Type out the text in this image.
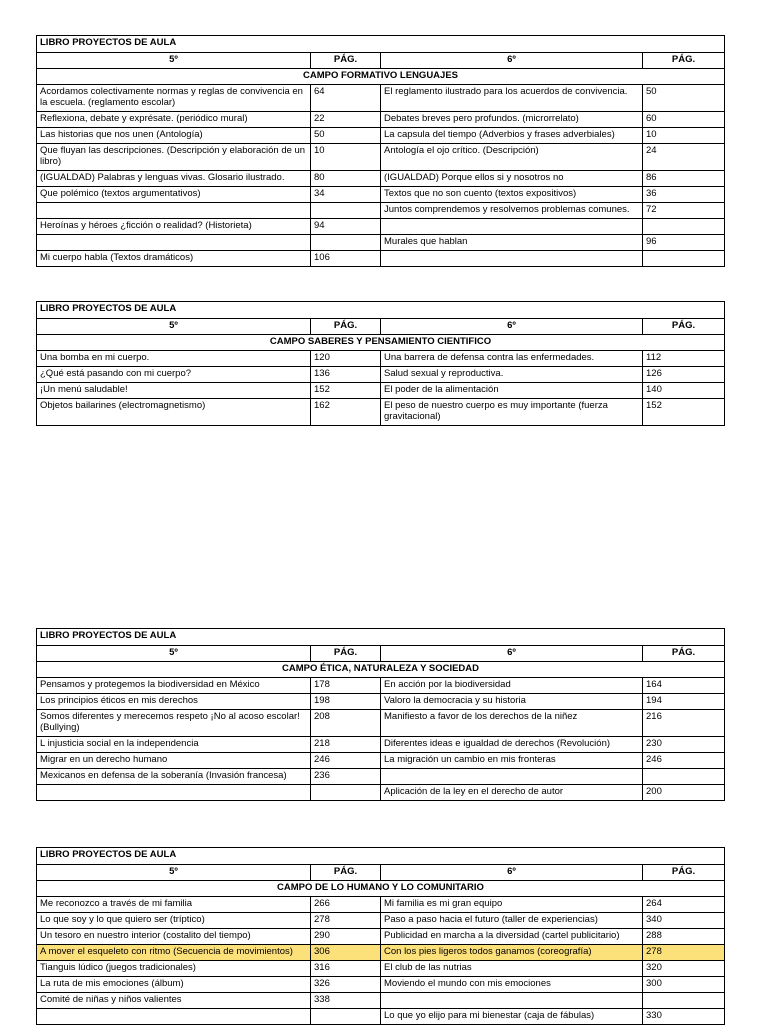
LIBRO PROYECTOS DE AULA			
5º	PÁG.	6º	PÁG.
CAMPO FORMATIVO LENGUAJES			
Acordamos colectivamente normas y reglas de convivencia en la escuela. (reglamento escolar)	64	El reglamento ilustrado para los acuerdos de convivencia.	50
Reflexiona, debate y exprésate. (periódico mural)	22	Debates breves pero profundos. (microrrelato)	60
Las historias que nos unen (Antología)	50	La capsula del tiempo (Adverbios y frases adverbiales)	10
Que fluyan las descripciones. (Descripción y elaboración de un libro)	10	Antología el ojo crítico. (Descripción)	24
(IGUALDAD) Palabras y lenguas vivas. Glosario ilustrado.	80	(IGUALDAD) Porque ellos si y nosotros no	86
Que polémico (textos argumentativos)	34	Textos que no son cuento (textos expositivos)	36
		Juntos comprendemos y resolvemos problemas comunes.	72
Heroínas y héroes ¿ficción o realidad? (Historieta)	94		
		Murales que hablan	96
Mi cuerpo habla (Textos dramáticos)	106		
LIBRO PROYECTOS DE AULA			
5º	PÁG.	6º	PÁG.
CAMPO SABERES Y PENSAMIENTO CIENTIFICO			
Una bomba en mi cuerpo.	120	Una barrera de defensa contra las enfermedades.	112
¿Qué está pasando con mi cuerpo?	136	Salud sexual y reproductiva.	126
¡Un menú saludable!	152	El poder de la alimentación	140
Objetos bailarines (electromagnetismo)	162	El peso de nuestro cuerpo es muy importante (fuerza gravitacional)	152
LIBRO PROYECTOS DE AULA			
5º	PÁG.	6º	PÁG.
CAMPO ÉTICA, NATURALEZA Y SOCIEDAD			
Pensamos y protegemos la biodiversidad en México	178	En acción por la biodiversidad	164
Los principios éticos en mis derechos	198	Valoro la democracia y su historia	194
Somos diferentes y merecemos respeto ¡No al acoso escolar! (Bullying)	208	Manifiesto a favor de los derechos de la niñez	216
L injusticia social en la independencia	218	Diferentes ideas e igualdad de derechos (Revolución)	230
Migrar en un derecho humano	246	La migración un cambio en mis fronteras	246
Mexicanos en defensa de la soberanía (Invasión francesa)	236		
		Aplicación de la ley en el derecho de autor	200
LIBRO PROYECTOS DE AULA			
5º	PÁG.	6º	PÁG.
CAMPO DE LO HUMANO Y LO COMUNITARIO			
Me reconozco a través de mi familia	266	Mi familia es mi gran equipo	264
Lo que soy y lo que quiero ser (tríptico)	278	Paso a paso hacia el futuro (taller de experiencias)	340
Un tesoro en nuestro interior (costalito del tiempo)	290	Publicidad en marcha a la diversidad (cartel publicitario)	288
A mover el esqueleto con ritmo (Secuencia de movimientos)	306	Con los pies ligeros todos ganamos (coreografía)	278
Tianguis lúdico (juegos tradicionales)	316	El club de las nutrias	320
La ruta de mis emociones (álbum)	326	Moviendo el mundo con mis emociones	300
Comité de niñas y niños valientes	338		
		Lo que yo elijo para mi bienestar (caja de fábulas)	330
